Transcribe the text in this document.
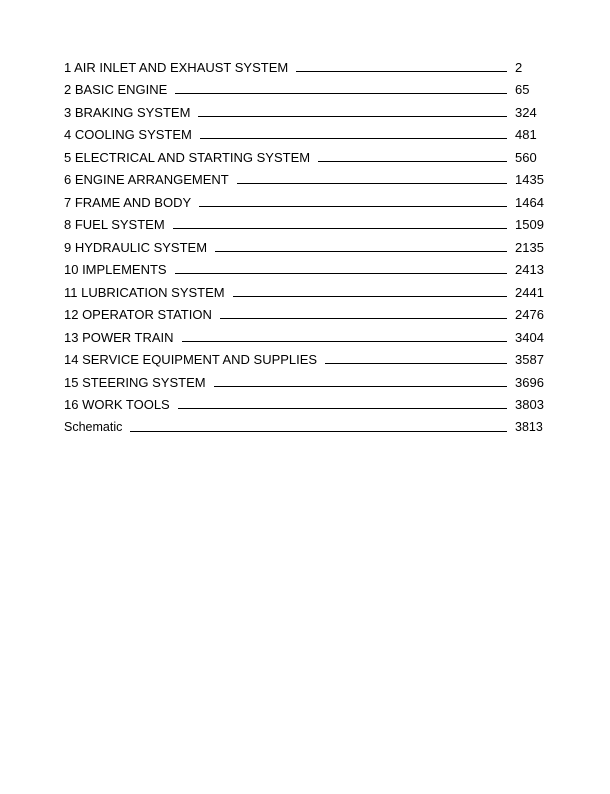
1 AIR INLET AND EXHAUST SYSTEM	2
2 BASIC ENGINE	65
3 BRAKING SYSTEM	324
4 COOLING SYSTEM	481
5 ELECTRICAL AND STARTING SYSTEM	560
6 ENGINE ARRANGEMENT	1435
7 FRAME AND BODY	1464
8 FUEL SYSTEM	1509
9 HYDRAULIC SYSTEM	2135
10 IMPLEMENTS	2413
11 LUBRICATION SYSTEM	2441
12 OPERATOR STATION	2476
13 POWER TRAIN	3404
14 SERVICE EQUIPMENT AND SUPPLIES	3587
15 STEERING SYSTEM	3696
16 WORK TOOLS	3803
Schematic	3813
